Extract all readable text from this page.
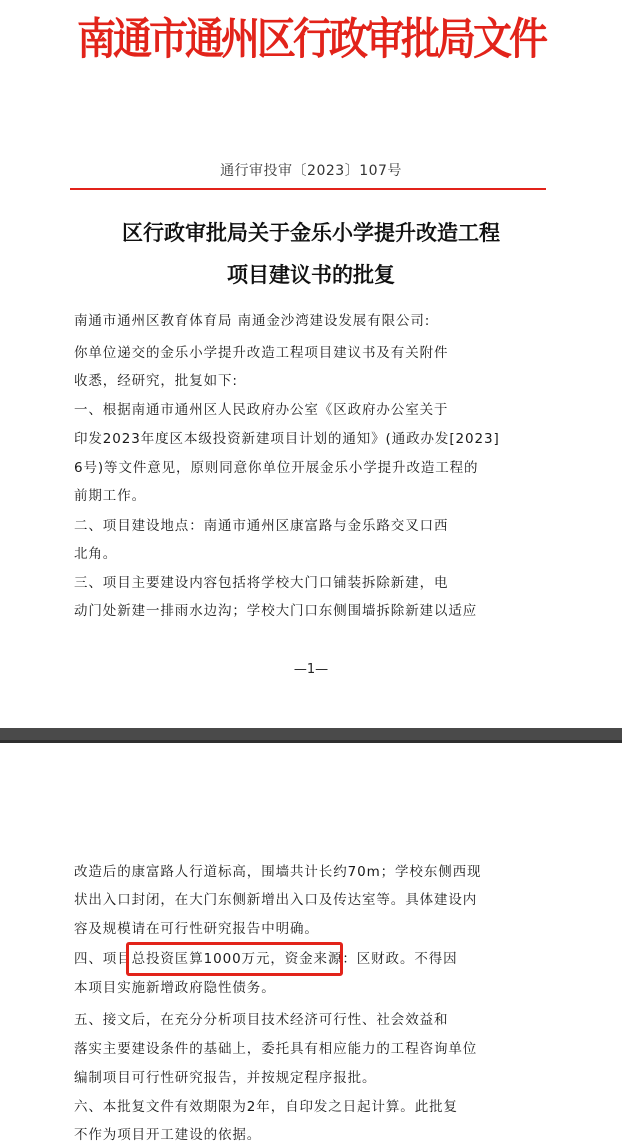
南通市通州区行政审批局文件
通行审投审〔2023〕107号
区行政审批局关于金乐小学提升改造工程
项目建议书的批复
南通市通州区教育体育局 南通金沙湾建设发展有限公司:
你单位递交的金乐小学提升改造工程项目建议书及有关附件
收悉，经研究，批复如下:
一、根据南通市通州区人民政府办公室《区政府办公室关于
印发2023年度区本级投资新建项目计划的通知》(通政办发[2023]
6号)等文件意见，原则同意你单位开展金乐小学提升改造工程的
前期工作。
二、项目建设地点：南通市通州区康富路与金乐路交叉口西
北角。
三、项目主要建设内容包括将学校大门口铺装拆除新建，电
动门处新建一排雨水边沟；学校大门口东侧围墙拆除新建以适应
—1—
改造后的康富路人行道标高，围墙共计长约70m；学校东侧西现
状出入口封闭，在大门东侧新增出入口及传达室等。具体建设内
容及规模请在可行性研究报告中明确。
四、项目总投资匡算1000万元，资金来源：区财政。不得因
本项目实施新增政府隐性债务。
五、接文后，在充分分析项目技术经济可行性、社会效益和
落实主要建设条件的基础上，委托具有相应能力的工程咨询单位
编制项目可行性研究报告，并按规定程序报批。
六、本批复文件有效期限为2年，自印发之日起计算。此批复
不作为项目开工建设的依据。
